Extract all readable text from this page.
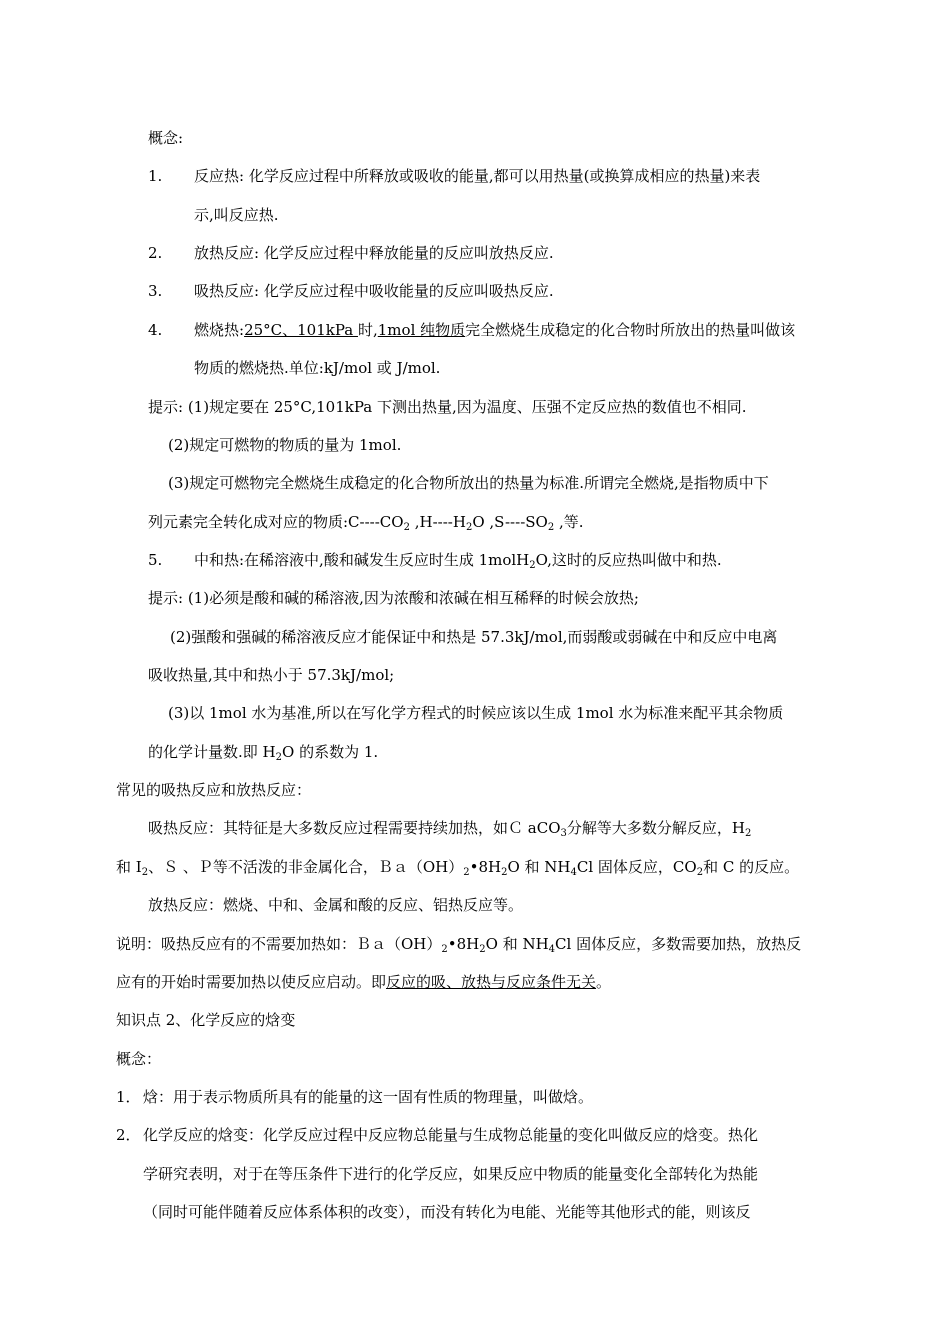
概念:
1. 反应热: 化学反应过程中所释放或吸收的能量,都可以用热量(或换算成相应的热量)来表
示,叫反应热.
2. 放热反应: 化学反应过程中释放能量的反应叫放热反应.
3. 吸热反应: 化学反应过程中吸收能量的反应叫吸热反应.
4. 燃烧热:25°C、101kPa 时,1mol 纯物质完全燃烧生成稳定的化合物时所放出的热量叫做该
物质的燃烧热.单位:kJ/mol 或 J/mol.
提示: (1)规定要在 25°C,101kPa 下测出热量,因为温度、压强不定反应热的数值也不相同.
(2)规定可燃物的物质的量为 1mol.
(3)规定可燃物完全燃烧生成稳定的化合物所放出的热量为标准.所谓完全燃烧,是指物质中下
列元素完全转化成对应的物质$:C----CO_2$ $,H----H_2O$ $,S----SO_2$ ,等.
5. 中和热:在稀溶液中,酸和碱发生反应时生成 1molH$_2$O,这时的反应热叫做中和热.
提示: (1)必须是酸和碱的稀溶液,因为浓酸和浓碱在相互稀释的时候会放热;
(2)强酸和强碱的稀溶液反应才能保证中和热是 57.3kJ/mol,而弱酸或弱碱在中和反应中电离
吸收热量,其中和热小于 57.3kJ/mol;
(3)以 1mol 水为基准,所以在写化学方程式的时候应该以生成 1mol 水为标准来配平其余物质
的化学计量数.即 $H_2O$ 的系数为 1.
常见的吸热反应和放热反应：
吸热反应：其特征是大多数反应过程需要持续加热，如Ｃ aCO$_3$分解等大多数分解反应，$H_2$
和 $I_2$、Ｓ 、Ｐ等不活泼的非金属化合，$Ba(OH)_2•8H_2O$ 和 $NH_4Cl$ 固体反应，$CO_2$和 C 的反应。
放热反应：燃烧、中和、金属和酸的反应、铝热反应等。
说明：吸热反应有的不需要加热如：$Ba(OH)_2•8H_2O$ 和 $NH_4Cl$ 固体反应，多数需要加热，放热反
应有的开始时需要加热以使反应启动。即反应的吸、放热与反应条件无关。
知识点 2、化学反应的焓变
概念：
1． 焓：用于表示物质所具有的能量的这一固有性质的物理量，叫做焓。
2． 化学反应的焓变：化学反应过程中反应物总能量与生成物总能量的变化叫做反应的焓变。热化
学研究表明，对于在等压条件下进行的化学反应，如果反应中物质的能量变化全部转化为热能
（同时可能伴随着反应体系体积的改变），而没有转化为电能、光能等其他形式的能，则该反
